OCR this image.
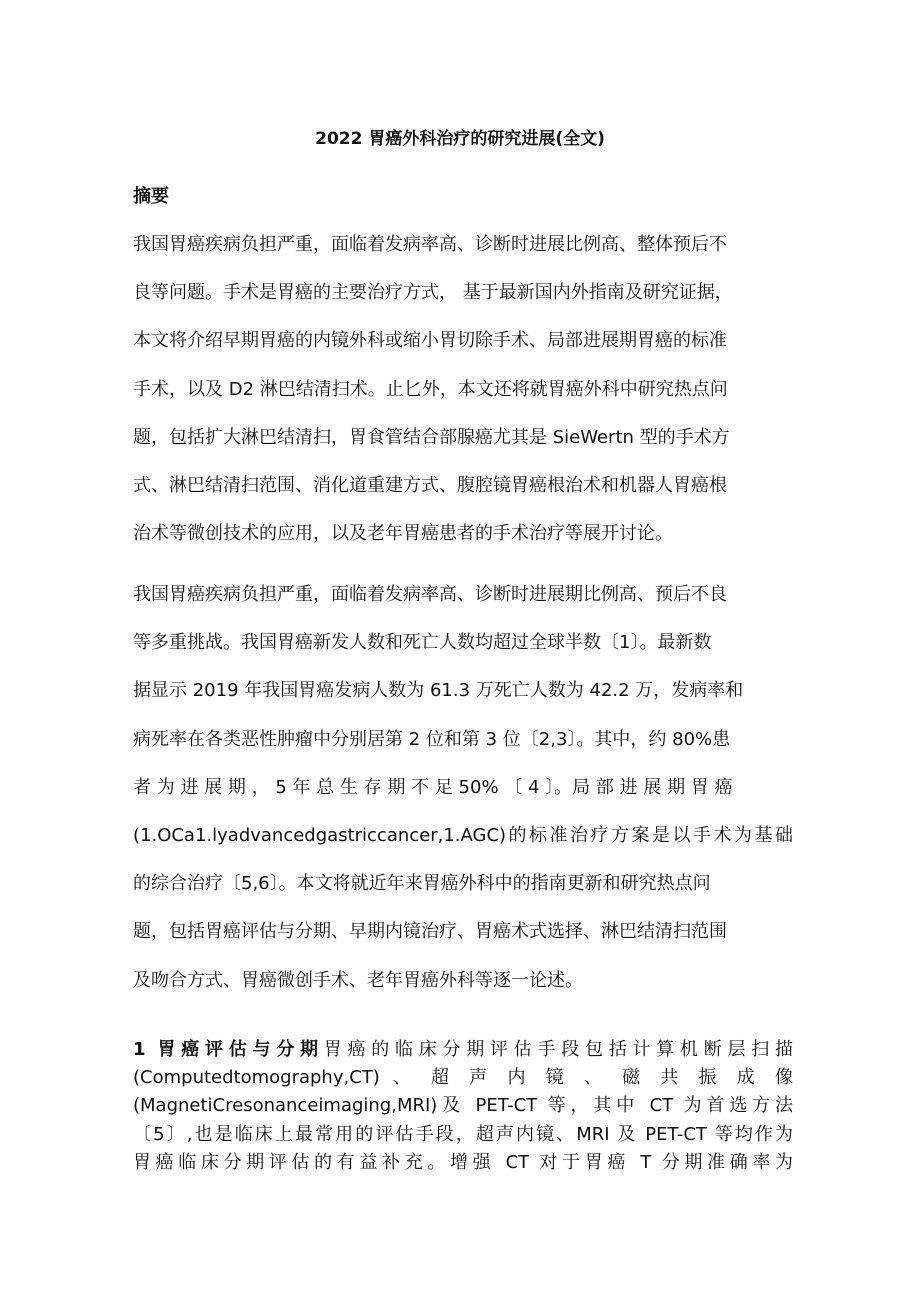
2022 胃癌外科治疗的研究进展(全文)
摘要
我国胃癌疾病负担严重，面临着发病率高、诊断时进展比例高、整体预后不
良等问题。手术是胃癌的主要治疗方式， 基于最新国内外指南及研究证据，
本文将介绍早期胃癌的内镜外科或缩小胃切除手术、局部进展期胃癌的标准
手术，以及 D2 淋巴结清扫术。止匕外，本文还将就胃癌外科中研究热点问
题，包括扩大淋巴结清扫，胃食管结合部腺癌尤其是 SieWertn 型的手术方
式、淋巴结清扫范围、消化道重建方式、腹腔镜胃癌根治术和机器人胃癌根
治术等微创技术的应用，以及老年胃癌患者的手术治疗等展开讨论。
我国胃癌疾病负担严重，面临着发病率高、诊断时进展期比例高、预后不良
等多重挑战。我国胃癌新发人数和死亡人数均超过全球半数〔1〕。最新数
据显示 2019 年我国胃癌发病人数为 61.3 万死亡人数为 42.2 万，发病率和
病死率在各类恶性肿瘤中分别居第 2 位和第 3 位〔2,3〕。其中，约 80%患
者 为 进 展 期 ， 5 年 总 生 存 期 不 足 50% 〔 4 〕。局 部 进 展 期 胃 癌
(1.OCa1.lyadvancedgastriccancer,1.AGC)的标准治疗方案是以手术为基础
的综合治疗〔5,6〕。本文将就近年来胃癌外科中的指南更新和研究热点问
题，包括胃癌评估与分期、早期内镜治疗、胃癌术式选择、淋巴结清扫范围
及吻合方式、胃癌微创手术、老年胃癌外科等逐一论述。
1 胃癌评估与分期胃癌的临床分期评估手段包括计算机断层扫描
(Computedtomography,CT) 、 超 声 内 镜 、 磁 共 振 成 像
(MagnetiCresonanceimaging,MRI)及 PET-CT 等，其中 CT 为首选方法
〔5〕,也是临床上最常用的评估手段，超声内镜、MRI 及 PET-CT 等均作为
胃癌临床分期评估的有益补充。增强 CT 对于胃癌 T 分期准确率为
